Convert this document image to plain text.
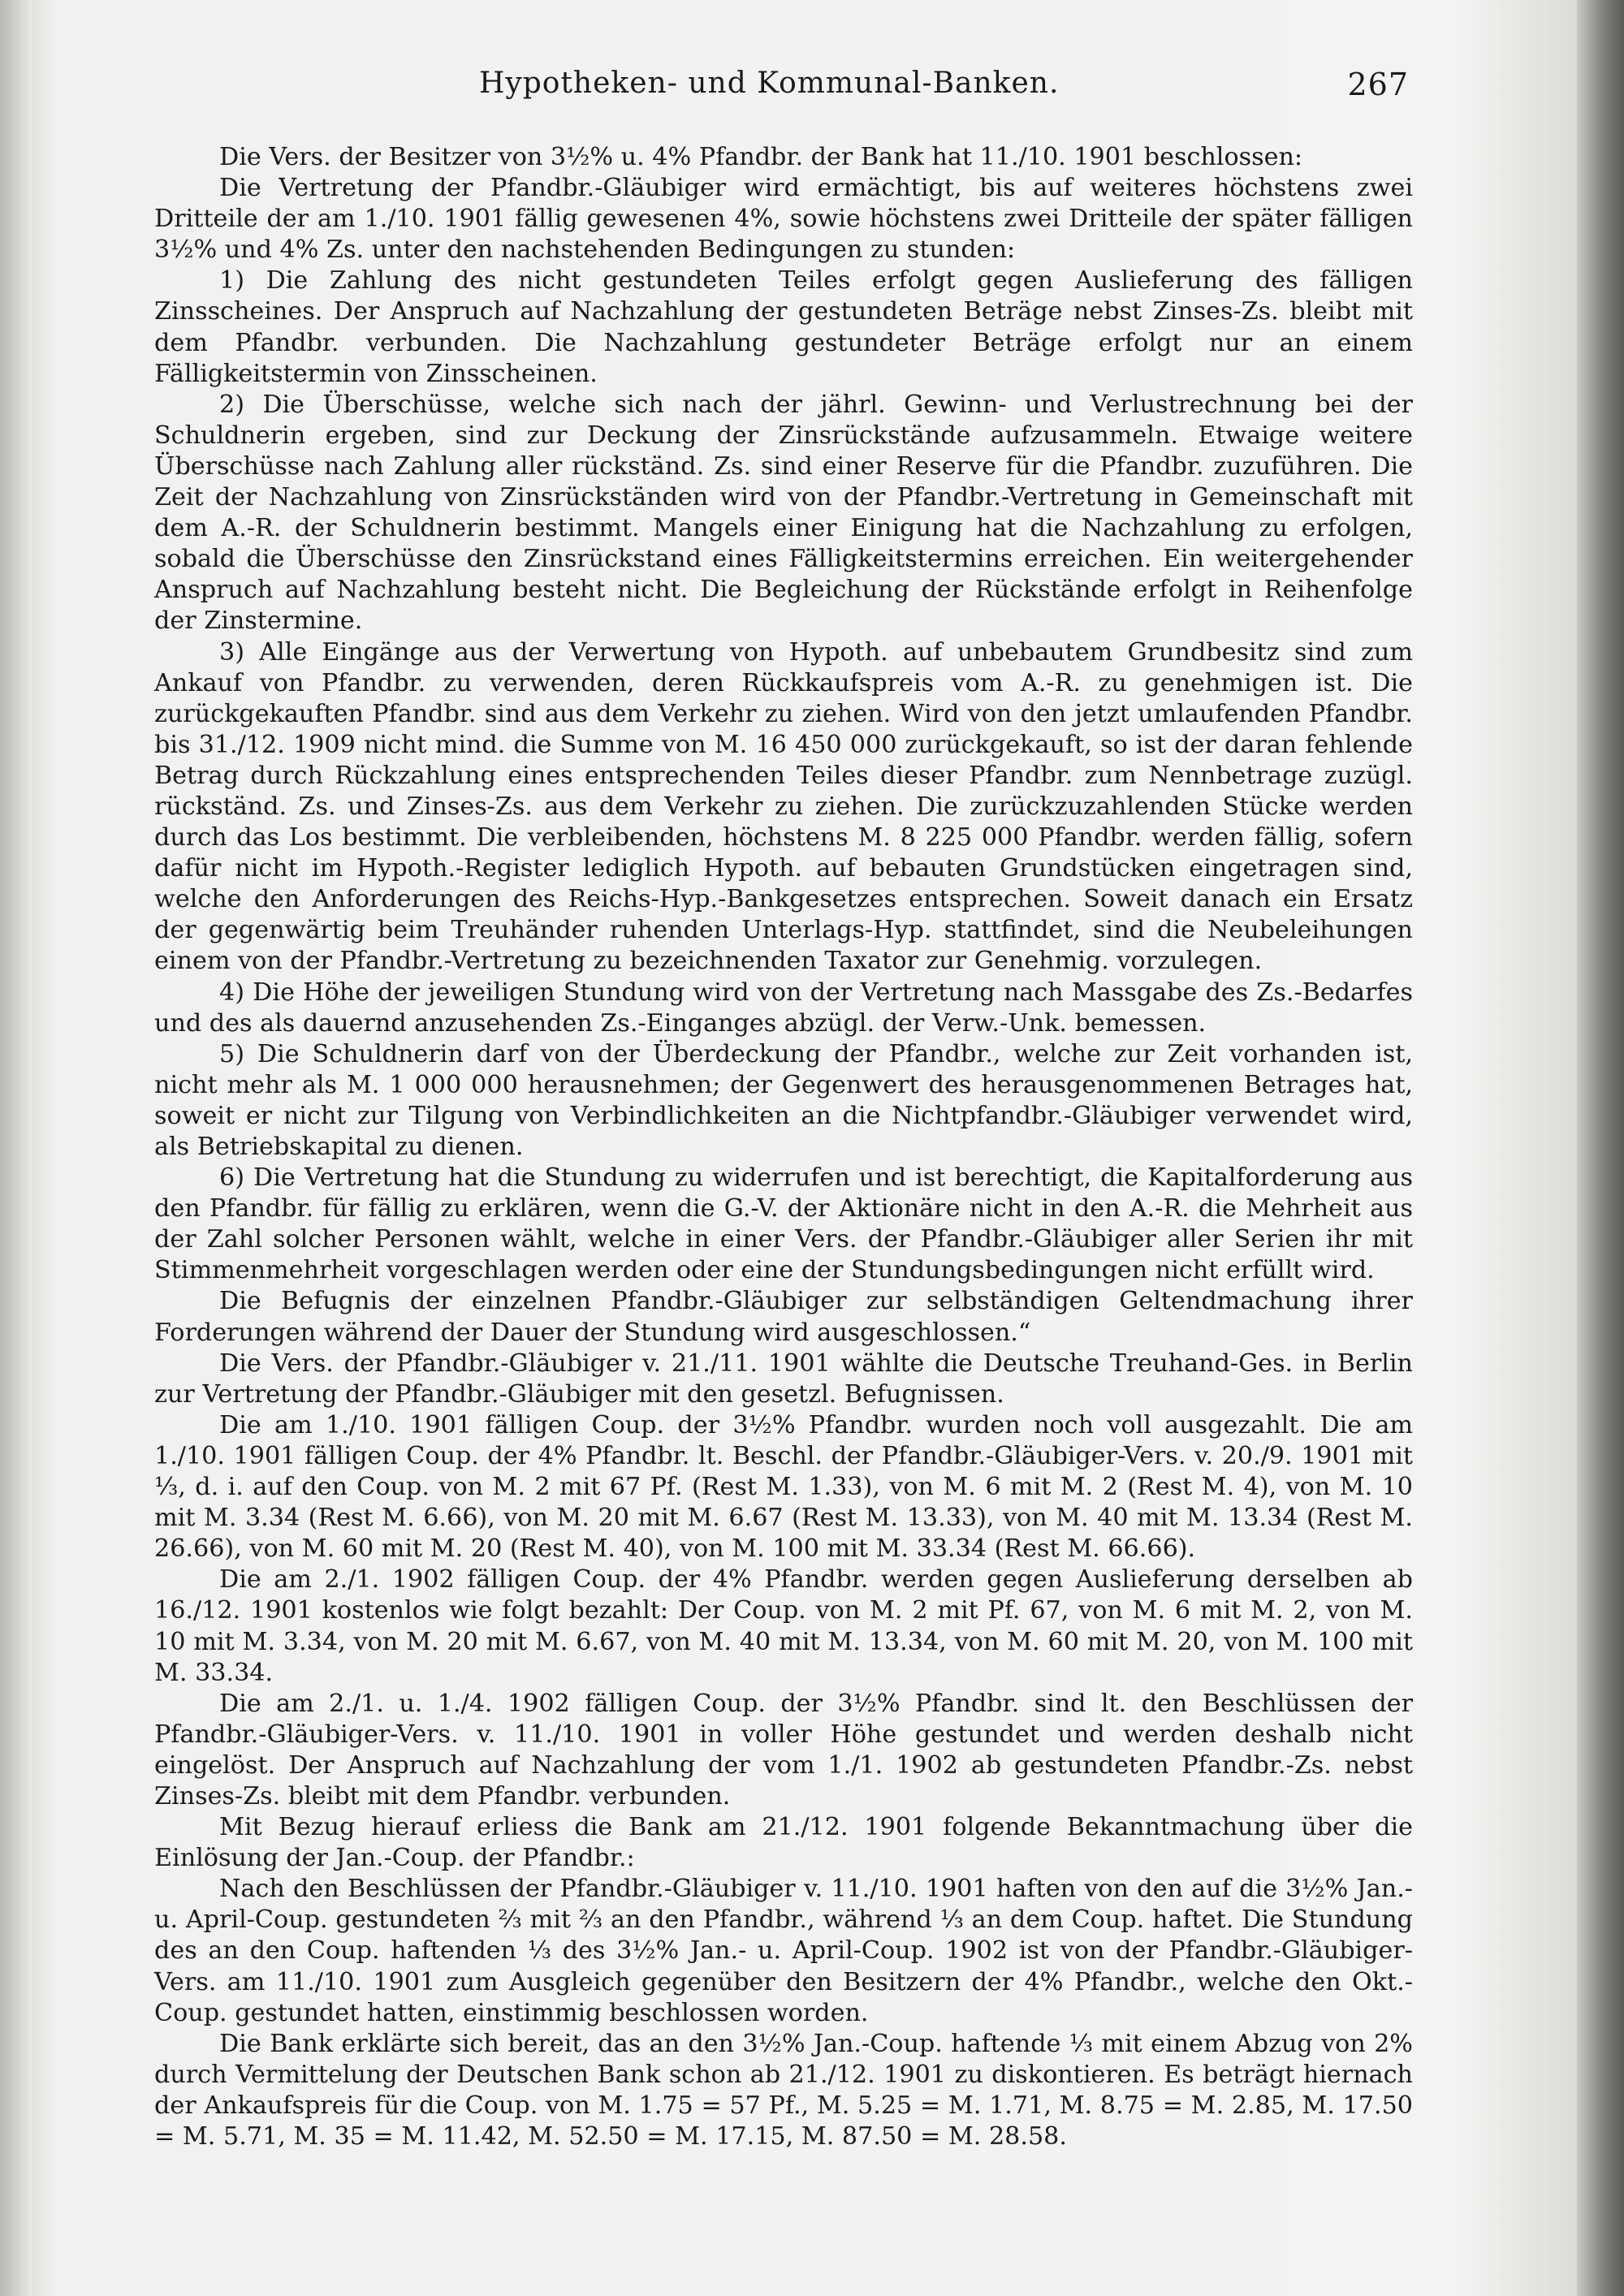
Hypotheken- und Kommunal-Banken.	267

Die Vers. der Besitzer von 3½% u. 4% Pfandbr. der Bank hat 11./10. 1901 beschlossen:

Die Vertretung der Pfandbr.-Gläubiger wird ermächtigt, bis auf weiteres höchstens zwei Dritteile der am 1./10. 1901 fällig gewesenen 4%, sowie höchstens zwei Dritteile der später fälligen 3½% und 4% Zs. unter den nachstehenden Bedingungen zu stunden:

1) Die Zahlung des nicht gestundeten Teiles erfolgt gegen Auslieferung des fälligen Zinsscheines. Der Anspruch auf Nachzahlung der gestundeten Beträge nebst Zinses-Zs. bleibt mit dem Pfandbr. verbunden. Die Nachzahlung gestundeter Beträge erfolgt nur an einem Fälligkeitstermin von Zinsscheinen.

2) Die Überschüsse, welche sich nach der jährl. Gewinn- und Verlustrechnung bei der Schuldnerin ergeben, sind zur Deckung der Zinsrückstände aufzusammeln. Etwaige weitere Überschüsse nach Zahlung aller rückständ. Zs. sind einer Reserve für die Pfandbr. zuzuführen. Die Zeit der Nachzahlung von Zinsrückständen wird von der Pfandbr.-Vertretung in Gemeinschaft mit dem A.-R. der Schuldnerin bestimmt. Mangels einer Einigung hat die Nachzahlung zu erfolgen, sobald die Überschüsse den Zinsrückstand eines Fälligkeitstermins erreichen. Ein weitergehender Anspruch auf Nachzahlung besteht nicht. Die Begleichung der Rückstände erfolgt in Reihenfolge der Zinstermine.

3) Alle Eingänge aus der Verwertung von Hypoth. auf unbebautem Grundbesitz sind zum Ankauf von Pfandbr. zu verwenden, deren Rückkaufspreis vom A.-R. zu genehmigen ist. Die zurückgekauften Pfandbr. sind aus dem Verkehr zu ziehen. Wird von den jetzt umlaufenden Pfandbr. bis 31./12. 1909 nicht mind. die Summe von M. 16 450 000 zurückgekauft, so ist der daran fehlende Betrag durch Rückzahlung eines entsprechenden Teiles dieser Pfandbr. zum Nennbetrage zuzügl. rückständ. Zs. und Zinses-Zs. aus dem Verkehr zu ziehen. Die zurückzuzahlenden Stücke werden durch das Los bestimmt. Die verbleibenden, höchstens M. 8 225 000 Pfandbr. werden fällig, sofern dafür nicht im Hypoth.-Register lediglich Hypoth. auf bebauten Grundstücken eingetragen sind, welche den Anforderungen des Reichs-Hyp.-Bankgesetzes entsprechen. Soweit danach ein Ersatz der gegenwärtig beim Treuhänder ruhenden Unterlags-Hyp. stattfindet, sind die Neubeleihungen einem von der Pfandbr.-Vertretung zu bezeichnenden Taxator zur Genehmig. vorzulegen.

4) Die Höhe der jeweiligen Stundung wird von der Vertretung nach Massgabe des Zs.-Bedarfes und des als dauernd anzusehenden Zs.-Einganges abzügl. der Verw.-Unk. bemessen.

5) Die Schuldnerin darf von der Überdeckung der Pfandbr., welche zur Zeit vorhanden ist, nicht mehr als M. 1 000 000 herausnehmen; der Gegenwert des herausgenommenen Betrages hat, soweit er nicht zur Tilgung von Verbindlichkeiten an die Nichtpfandbr.-Gläubiger verwendet wird, als Betriebskapital zu dienen.

6) Die Vertretung hat die Stundung zu widerrufen und ist berechtigt, die Kapitalforderung aus den Pfandbr. für fällig zu erklären, wenn die G.-V. der Aktionäre nicht in den A.-R. die Mehrheit aus der Zahl solcher Personen wählt, welche in einer Vers. der Pfandbr.-Gläubiger aller Serien ihr mit Stimmenmehrheit vorgeschlagen werden oder eine der Stundungsbedingungen nicht erfüllt wird.

Die Befugnis der einzelnen Pfandbr.-Gläubiger zur selbständigen Geltendmachung ihrer Forderungen während der Dauer der Stundung wird ausgeschlossen.“

Die Vers. der Pfandbr.-Gläubiger v. 21./11. 1901 wählte die Deutsche Treuhand-Ges. in Berlin zur Vertretung der Pfandbr.-Gläubiger mit den gesetzl. Befugnissen.

Die am 1./10. 1901 fälligen Coup. der 3½% Pfandbr. wurden noch voll ausgezahlt. Die am 1./10. 1901 fälligen Coup. der 4% Pfandbr. lt. Beschl. der Pfandbr.-Gläubiger-Vers. v. 20./9. 1901 mit ⅓, d. i. auf den Coup. von M. 2 mit 67 Pf. (Rest M. 1.33), von M. 6 mit M. 2 (Rest M. 4), von M. 10 mit M. 3.34 (Rest M. 6.66), von M. 20 mit M. 6.67 (Rest M. 13.33), von M. 40 mit M. 13.34 (Rest M. 26.66), von M. 60 mit M. 20 (Rest M. 40), von M. 100 mit M. 33.34 (Rest M. 66.66).

Die am 2./1. 1902 fälligen Coup. der 4% Pfandbr. werden gegen Auslieferung derselben ab 16./12. 1901 kostenlos wie folgt bezahlt: Der Coup. von M. 2 mit Pf. 67, von M. 6 mit M. 2, von M. 10 mit M. 3.34, von M. 20 mit M. 6.67, von M. 40 mit M. 13.34, von M. 60 mit M. 20, von M. 100 mit M. 33.34.

Die am 2./1. u. 1./4. 1902 fälligen Coup. der 3½% Pfandbr. sind lt. den Beschlüssen der Pfandbr.-Gläubiger-Vers. v. 11./10. 1901 in voller Höhe gestundet und werden deshalb nicht eingelöst. Der Anspruch auf Nachzahlung der vom 1./1. 1902 ab gestundeten Pfandbr.-Zs. nebst Zinses-Zs. bleibt mit dem Pfandbr. verbunden.

Mit Bezug hierauf erliess die Bank am 21./12. 1901 folgende Bekanntmachung über die Einlösung der Jan.-Coup. der Pfandbr.:

Nach den Beschlüssen der Pfandbr.-Gläubiger v. 11./10. 1901 haften von den auf die 3½% Jan.- u. April-Coup. gestundeten ⅔ mit ⅔ an den Pfandbr., während ⅓ an dem Coup. haftet. Die Stundung des an den Coup. haftenden ⅓ des 3½% Jan.- u. April-Coup. 1902 ist von der Pfandbr.-Gläubiger-Vers. am 11./10. 1901 zum Ausgleich gegenüber den Besitzern der 4% Pfandbr., welche den Okt.-Coup. gestundet hatten, einstimmig beschlossen worden.

Die Bank erklärte sich bereit, das an den 3½% Jan.-Coup. haftende ⅓ mit einem Abzug von 2% durch Vermittelung der Deutschen Bank schon ab 21./12. 1901 zu diskontieren. Es beträgt hiernach der Ankaufspreis für die Coup. von M. 1.75 = 57 Pf., M. 5.25 = M. 1.71, M. 8.75 = M. 2.85, M. 17.50 = M. 5.71, M. 35 = M. 11.42, M. 52.50 = M. 17.15, M. 87.50 = M. 28.58.
